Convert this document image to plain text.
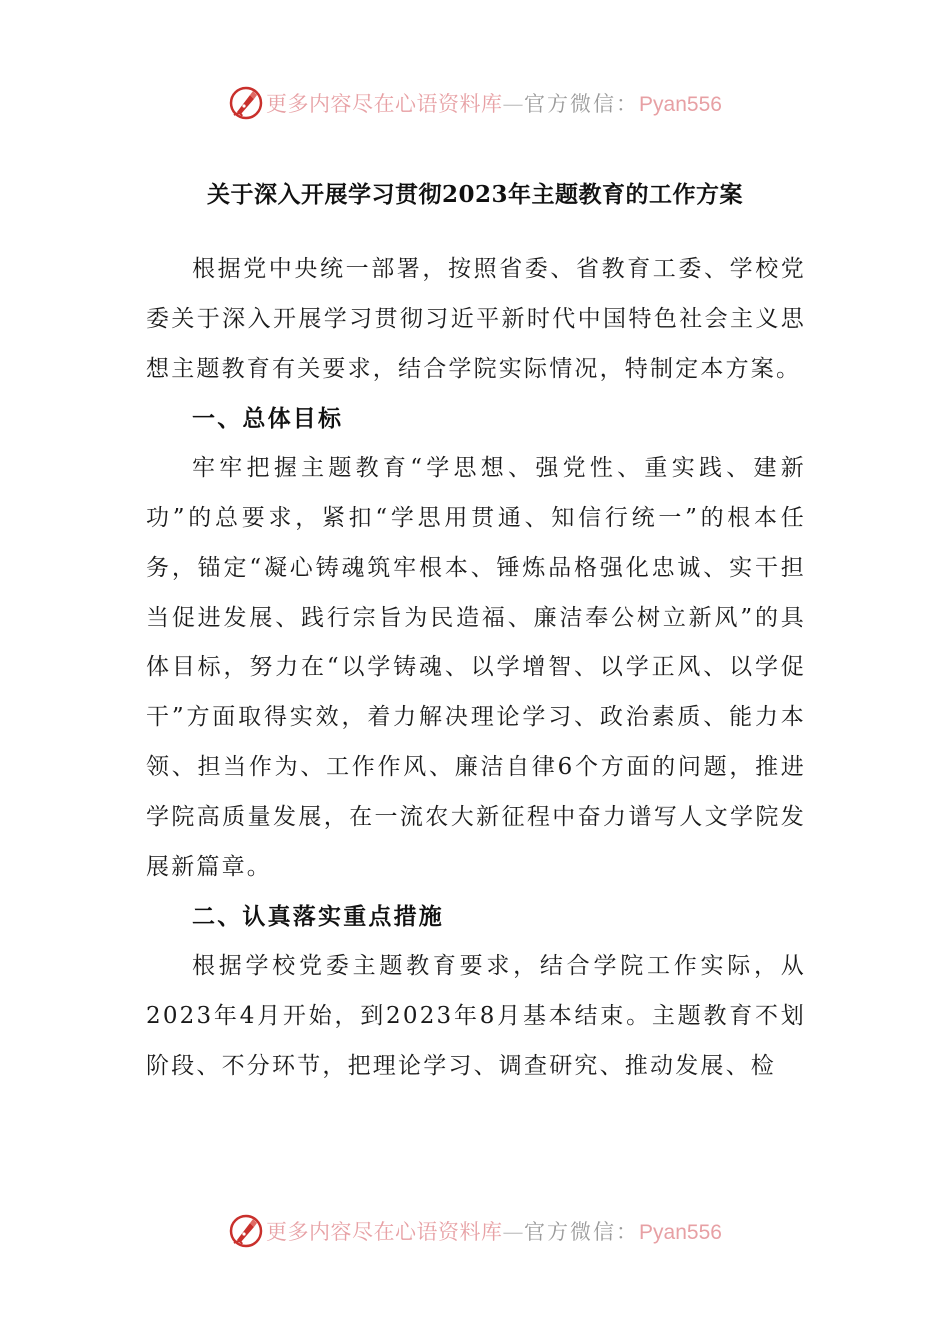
更多内容尽在心语资料库—官方微信：Pyan556
关于深入开展学习贯彻2023年主题教育的工作方案

根据党中央统一部署，按照省委、省教育工委、学校党委关于深入开展学习贯彻习近平新时代中国特色社会主义思想主题教育有关要求，结合学院实际情况，特制定本方案。

一、总体目标

牢牢把握主题教育“学思想、强党性、重实践、建新功”的总要求，紧扣“学思用贯通、知信行统一”的根本任务，锚定“凝心铸魂筑牢根本、锤炼品格强化忠诚、实干担当促进发展、践行宗旨为民造福、廉洁奉公树立新风”的具体目标，努力在“以学铸魂、以学增智、以学正风、以学促干”方面取得实效，着力解决理论学习、政治素质、能力本领、担当作为、工作作风、廉洁自律6个方面的问题，推进学院高质量发展，在一流农大新征程中奋力谱写人文学院发展新篇章。

二、认真落实重点措施

根据学校党委主题教育要求，结合学院工作实际，从2023年4月开始，到2023年8月基本结束。主题教育不划阶段、不分环节，把理论学习、调查研究、推动发展、检

更多内容尽在心语资料库—官方微信：Pyan556
